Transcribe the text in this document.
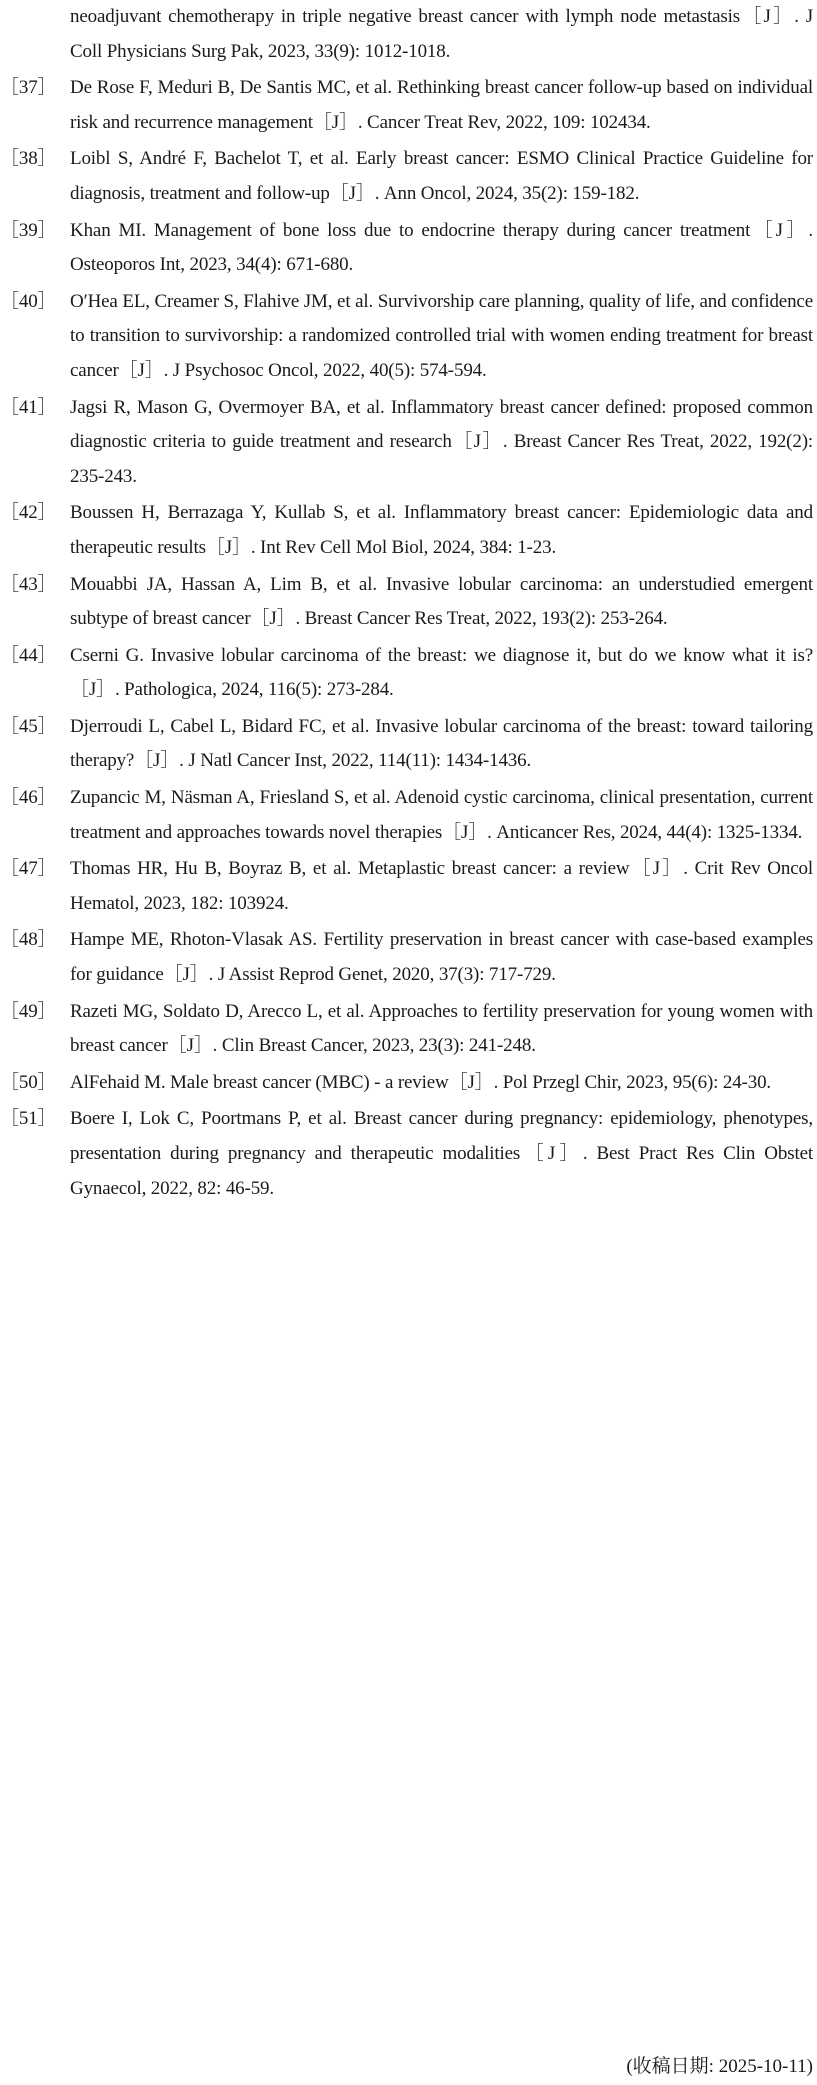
neoadjuvant chemotherapy in triple negative breast cancer with lymph node metastasis［J］. J Coll Physicians Surg Pak, 2023, 33(9): 1012-1018.
［37］ De Rose F, Meduri B, De Santis MC, et al. Rethinking breast cancer follow-up based on individual risk and recurrence management［J］. Cancer Treat Rev, 2022, 109: 102434.
［38］ Loibl S, André F, Bachelot T, et al. Early breast cancer: ESMO Clinical Practice Guideline for diagnosis, treatment and follow-up［J］. Ann Oncol, 2024, 35(2): 159-182.
［39］ Khan MI. Management of bone loss due to endocrine therapy during cancer treatment［J］. Osteoporos Int, 2023, 34(4): 671-680.
［40］ O′Hea EL, Creamer S, Flahive JM, et al. Survivorship care planning, quality of life, and confidence to transition to survivorship: a randomized controlled trial with women ending treatment for breast cancer［J］. J Psychosoc Oncol, 2022, 40(5): 574-594.
［41］ Jagsi R, Mason G, Overmoyer BA, et al. Inflammatory breast cancer defined: proposed common diagnostic criteria to guide treatment and research［J］. Breast Cancer Res Treat, 2022, 192(2): 235-243.
［42］ Boussen H, Berrazaga Y, Kullab S, et al. Inflammatory breast cancer: Epidemiologic data and therapeutic results［J］. Int Rev Cell Mol Biol, 2024, 384: 1-23.
［43］ Mouabbi JA, Hassan A, Lim B, et al. Invasive lobular carcinoma: an understudied emergent subtype of breast cancer［J］. Breast Cancer Res Treat, 2022, 193(2): 253-264.
［44］ Cserni G. Invasive lobular carcinoma of the breast: we diagnose it, but do we know what it is?［J］. Pathologica, 2024, 116(5): 273-284.
［45］ Djerroudi L, Cabel L, Bidard FC, et al. Invasive lobular carcinoma of the breast: toward tailoring therapy?［J］. J Natl Cancer Inst, 2022, 114(11): 1434-1436.
［46］ Zupancic M, Näsman A, Friesland S, et al. Adenoid cystic carcinoma, clinical presentation, current treatment and approaches towards novel therapies［J］. Anticancer Res, 2024, 44(4): 1325-1334.
［47］ Thomas HR, Hu B, Boyraz B, et al. Metaplastic breast cancer: a review［J］. Crit Rev Oncol Hematol, 2023, 182: 103924.
［48］ Hampe ME, Rhoton-Vlasak AS. Fertility preservation in breast cancer with case-based examples for guidance［J］. J Assist Reprod Genet, 2020, 37(3): 717-729.
［49］ Razeti MG, Soldato D, Arecco L, et al. Approaches to fertility preservation for young women with breast cancer［J］. Clin Breast Cancer, 2023, 23(3): 241-248.
［50］ AlFehaid M. Male breast cancer (MBC) - a review［J］. Pol Przegl Chir, 2023, 95(6): 24-30.
［51］ Boere I, Lok C, Poortmans P, et al. Breast cancer during pregnancy: epidemiology, phenotypes, presentation during pregnancy and therapeutic modalities［J］. Best Pract Res Clin Obstet Gynaecol, 2022, 82: 46-59.
(收稿日期: 2025-10-11)
